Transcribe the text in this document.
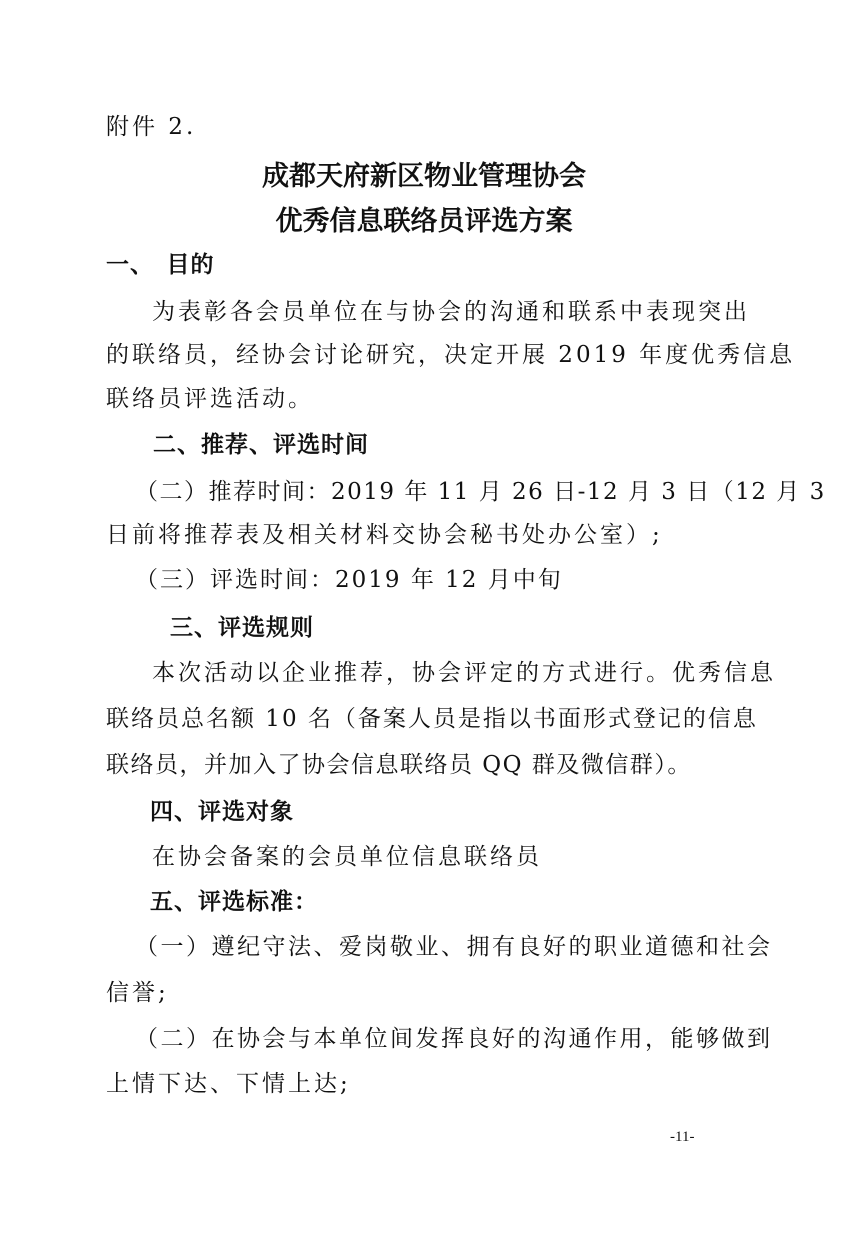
附件 2.
成都天府新区物业管理协会
优秀信息联络员评选方案
一、　目的
为表彰各会员单位在与协会的沟通和联系中表现突出
的联络员，经协会讨论研究，决定开展 2019 年度优秀信息
联络员评选活动。
二、推荐、评选时间
（二）推荐时间：2019 年 11 月 26 日-12 月 3 日（12 月 3
日前将推荐表及相关材料交协会秘书处办公室）;
（三）评选时间：2019 年 12 月中旬
三、评选规则
本次活动以企业推荐，协会评定的方式进行。优秀信息
联络员总名额 10 名（备案人员是指以书面形式登记的信息
联络员，并加入了协会信息联络员 QQ 群及微信群）。
四、评选对象
在协会备案的会员单位信息联络员
五、评选标准：
（一）遵纪守法、爱岗敬业、拥有良好的职业道德和社会
信誉;
（二）在协会与本单位间发挥良好的沟通作用，能够做到
上情下达、下情上达;
-11-
